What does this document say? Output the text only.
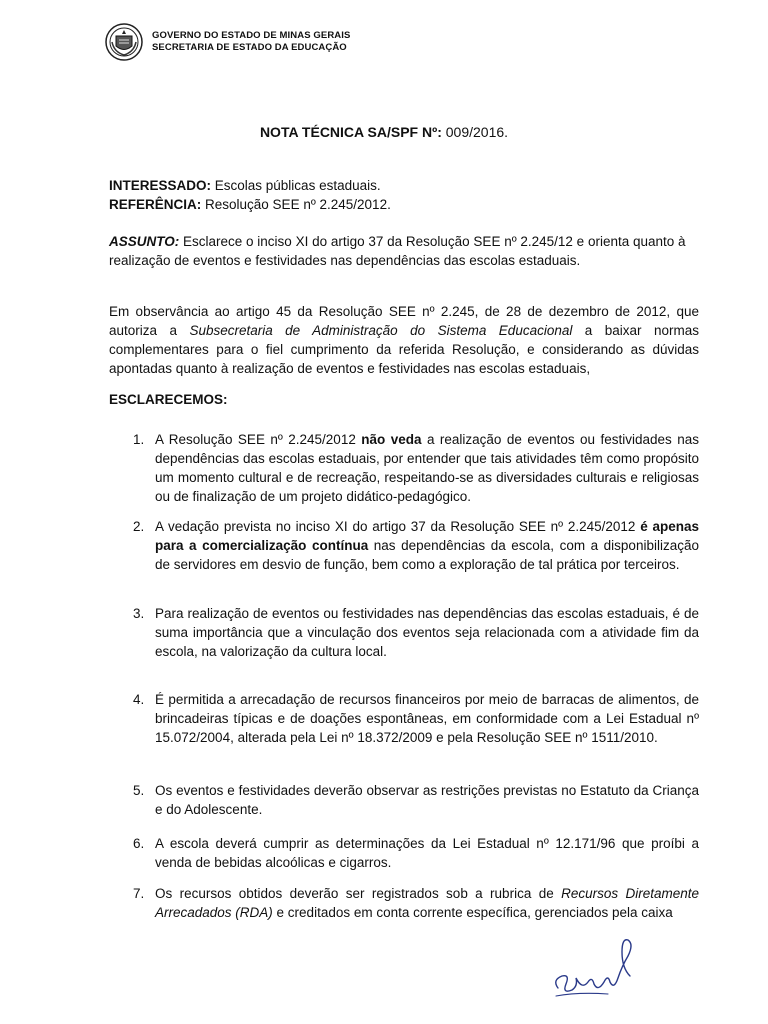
GOVERNO DO ESTADO DE MINAS GERAIS
SECRETARIA DE ESTADO DA EDUCAÇÃO
NOTA TÉCNICA SA/SPF Nº: 009/2016.
INTERESSADO: Escolas públicas estaduais.
REFERÊNCIA: Resolução SEE nº 2.245/2012.
ASSUNTO: Esclarece o inciso XI do artigo 37 da Resolução SEE nº 2.245/12 e orienta quanto à realização de eventos e festividades nas dependências das escolas estaduais.
Em observância ao artigo 45 da Resolução SEE nº 2.245, de 28 de dezembro de 2012, que autoriza a Subsecretaria de Administração do Sistema Educacional a baixar normas complementares para o fiel cumprimento da referida Resolução, e considerando as dúvidas apontadas quanto à realização de eventos e festividades nas escolas estaduais,
ESCLARECEMOS:
1. A Resolução SEE nº 2.245/2012 não veda a realização de eventos ou festividades nas dependências das escolas estaduais, por entender que tais atividades têm como propósito um momento cultural e de recreação, respeitando-se as diversidades culturais e religiosas ou de finalização de um projeto didático-pedagógico.
2. A vedação prevista no inciso XI do artigo 37 da Resolução SEE nº 2.245/2012 é apenas para a comercialização contínua nas dependências da escola, com a disponibilização de servidores em desvio de função, bem como a exploração de tal prática por terceiros.
3. Para realização de eventos ou festividades nas dependências das escolas estaduais, é de suma importância que a vinculação dos eventos seja relacionada com a atividade fim da escola, na valorização da cultura local.
4. É permitida a arrecadação de recursos financeiros por meio de barracas de alimentos, de brincadeiras típicas e de doações espontâneas, em conformidade com a Lei Estadual nº 15.072/2004, alterada pela Lei nº 18.372/2009 e pela Resolução SEE nº 1511/2010.
5. Os eventos e festividades deverão observar as restrições previstas no Estatuto da Criança e do Adolescente.
6. A escola deverá cumprir as determinações da Lei Estadual nº 12.171/96 que proíbi a venda de bebidas alcoólicas e cigarros.
7. Os recursos obtidos deverão ser registrados sob a rubrica de Recursos Diretamente Arrecadados (RDA) e creditados em conta corrente específica, gerenciados pela caixa
